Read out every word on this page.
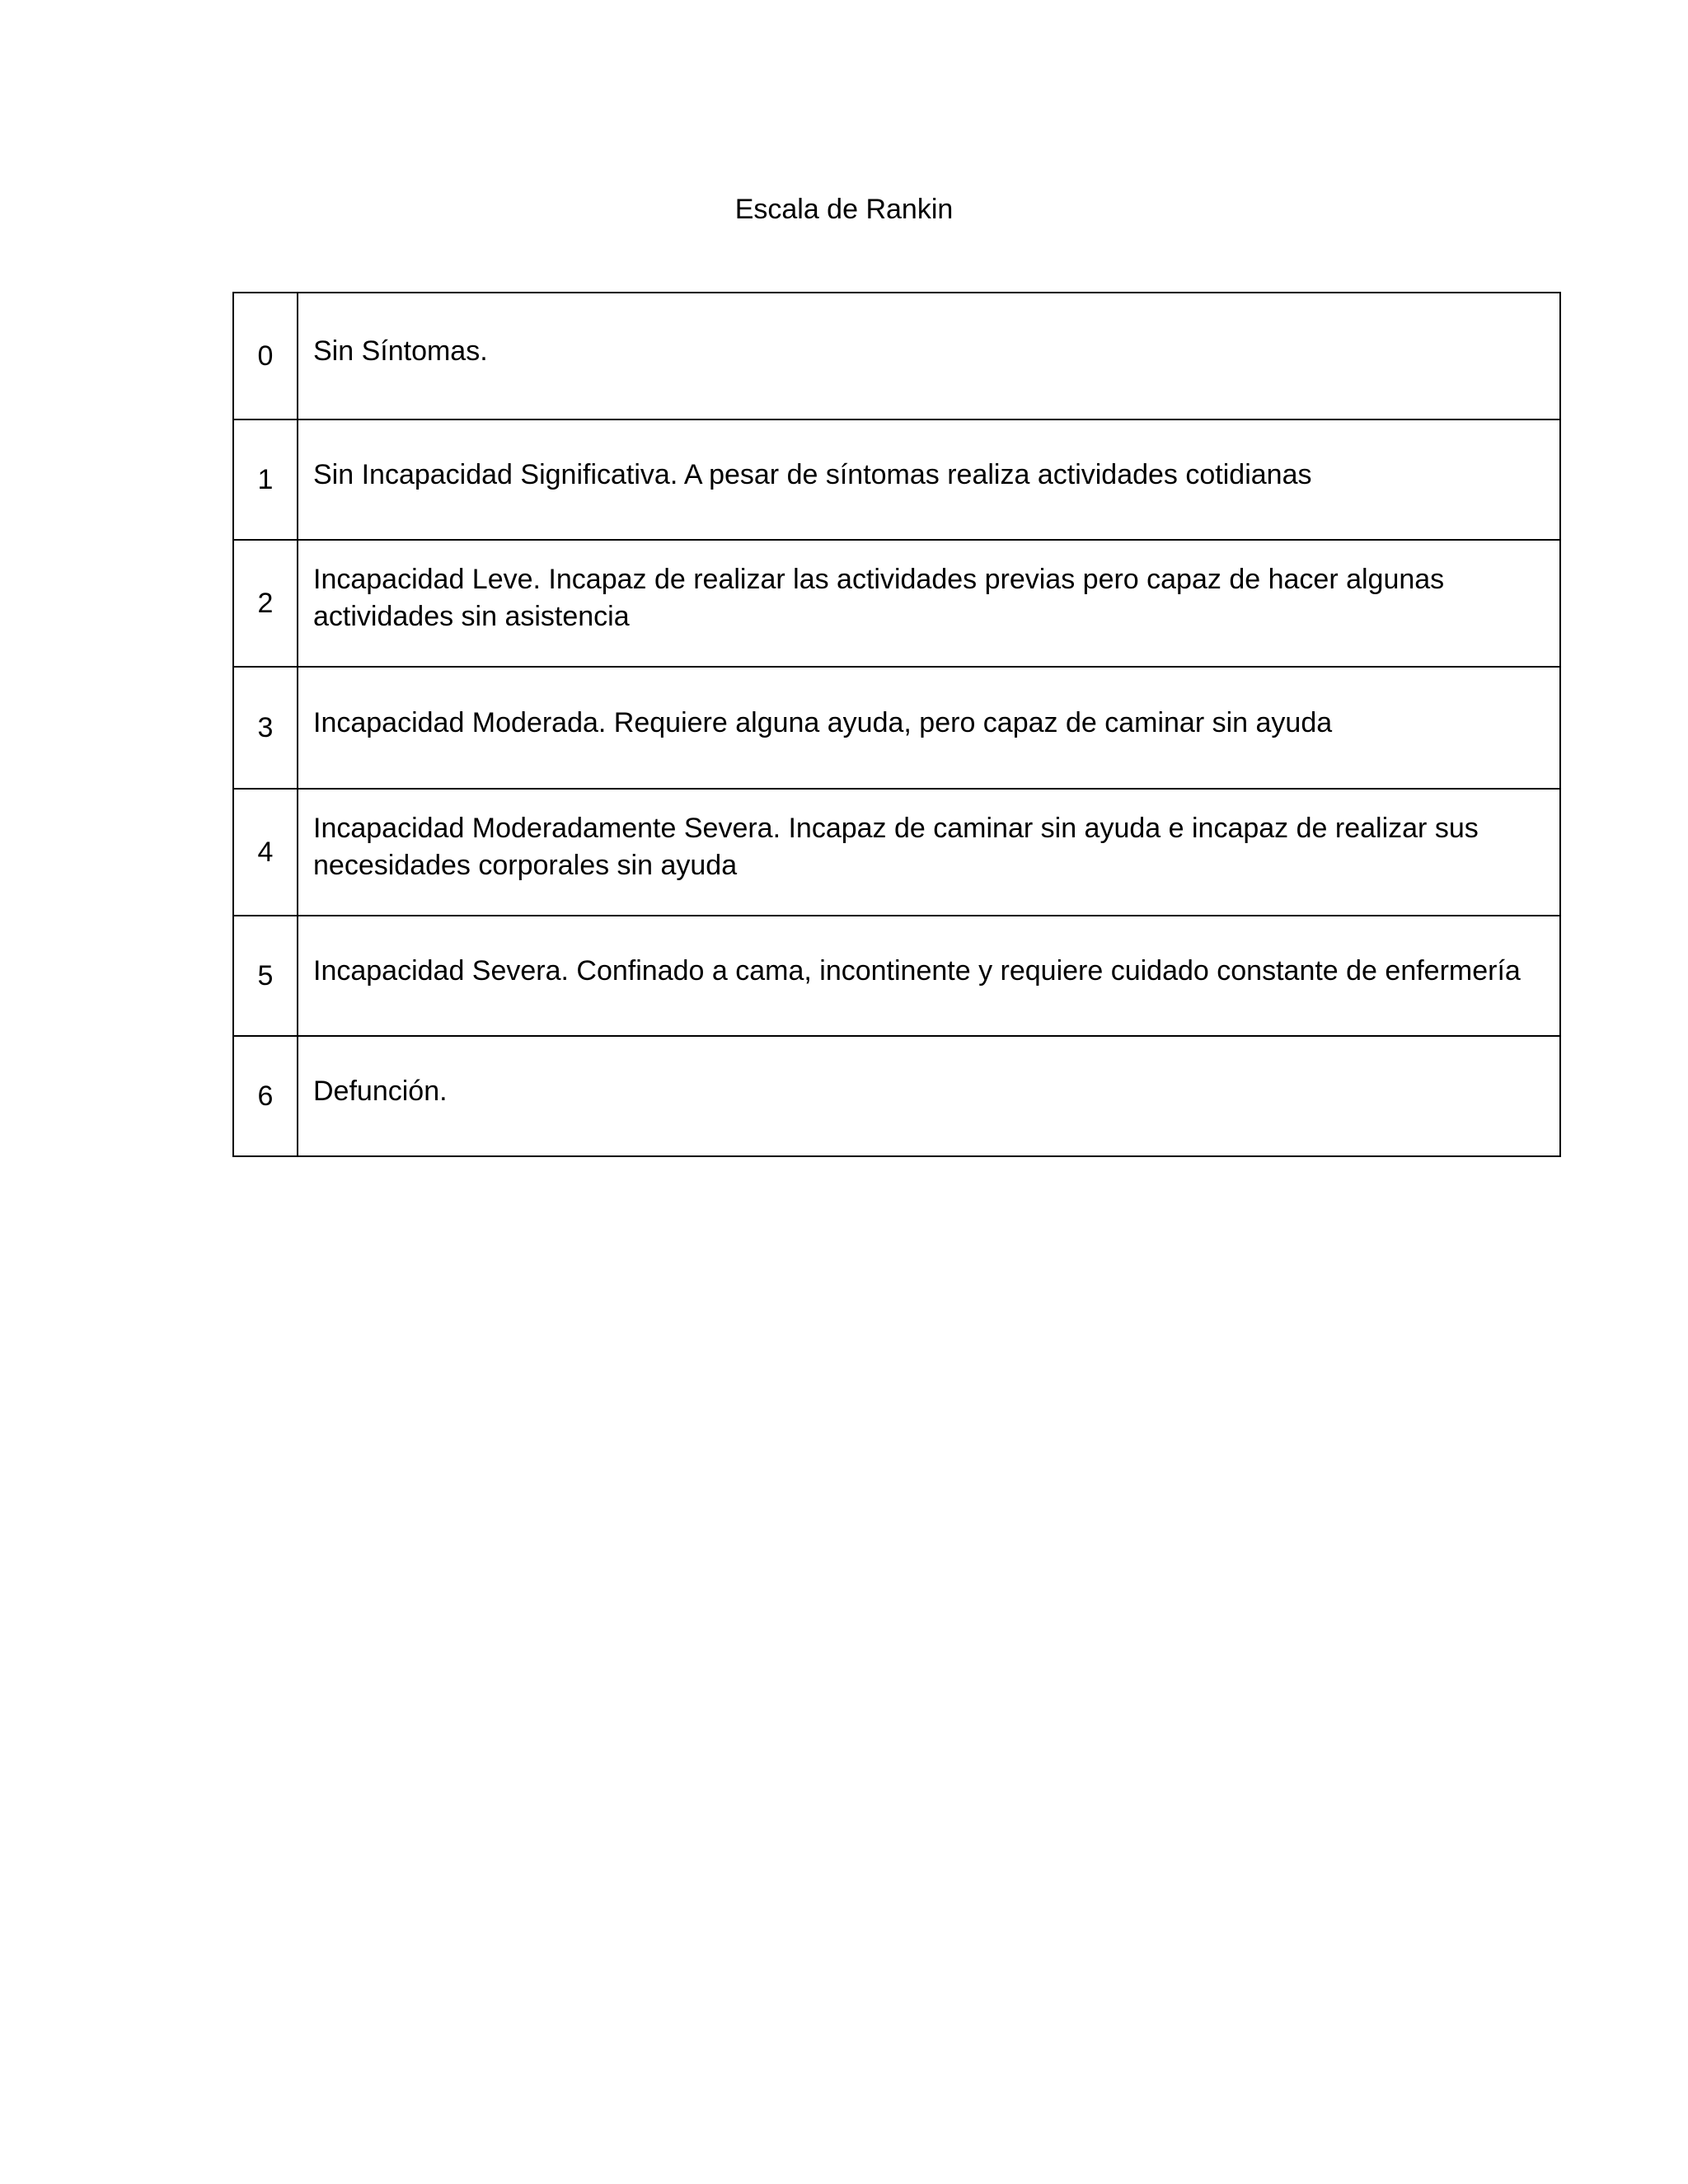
Escala de Rankin
0	Sin Síntomas.
1	Sin Incapacidad Significativa. A pesar de síntomas realiza actividades cotidianas
2	Incapacidad Leve. Incapaz de realizar las actividades previas pero capaz de hacer algunas actividades sin asistencia
3	Incapacidad Moderada. Requiere alguna ayuda, pero capaz de caminar sin ayuda
4	Incapacidad Moderadamente Severa. Incapaz de caminar sin ayuda e incapaz de realizar sus necesidades corporales sin ayuda
5	Incapacidad Severa. Confinado a cama, incontinente y requiere cuidado constante de enfermería
6	Defunción.
